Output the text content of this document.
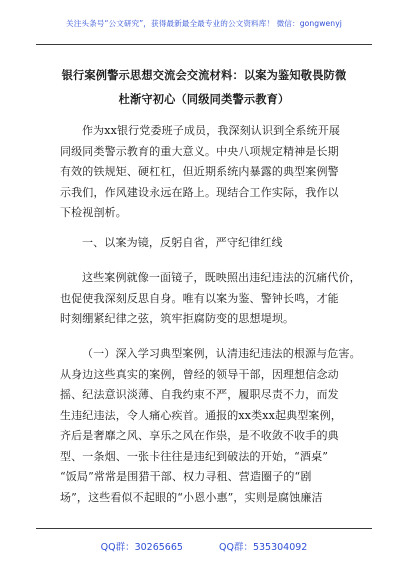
关注头条号“公文研究”，获得最新最全最专业的公文资料库！ 微信：gongwenyj
银行案例警示思想交流会交流材料：以案为鉴知敬畏防微
杜渐守初心（同级同类警示教育）
作为xx银行党委班子成员，我深刻认识到全系统开展
同级同类警示教育的重大意义。中央八项规定精神是长期
有效的铁规矩、硬杠杠，但近期系统内暴露的典型案例警
示我们，作风建设永远在路上。现结合工作实际，我作以
下检视剖析。
一、以案为镜，反躬自省，严守纪律红线
这些案例就像一面镜子，既映照出违纪违法的沉痛代价，
也促使我深刻反思自身。唯有以案为鉴、警钟长鸣，才能
时刻绷紧纪律之弦，筑牢拒腐防变的思想堤坝。
（一）深入学习典型案例，认清违纪违法的根源与危害。
从身边这些真实的案例，曾经的领导干部，因理想信念动
摇、纪法意识淡薄、自我约束不严，履职尽责不力，而发
生违纪违法，令人痛心疾首。通报的xx类xx起典型案例，
齐后是奢靡之风、享乐之风在作祟，是不收敛不收手的典
型、一条烟、一张卡往往是违纪到破法的开始，“酒桌”
“饭局”常常是围猎干部、权力寻租、营造圈子的“剧
场”，这些看似不起眼的“小恩小惠”，实则是腐蚀廉洁
QQ群：30265665	QQ群：535304092
